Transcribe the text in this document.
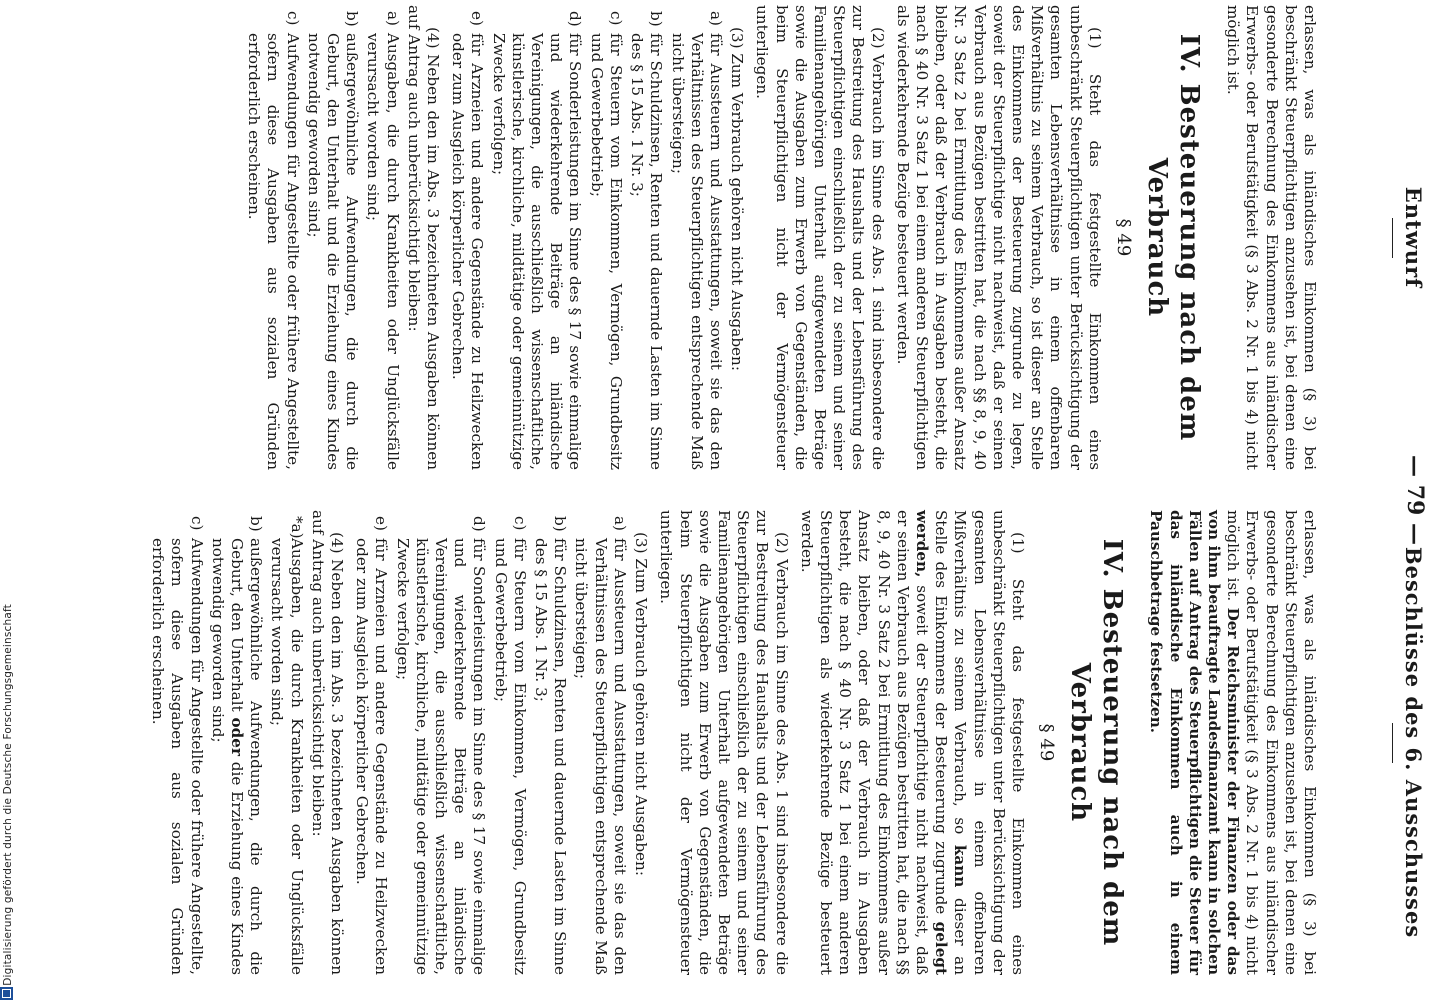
Entwurf
— 79 —
Beschlüsse des 6. Ausschusses

erlassen, was als inländisches Einkommen (§ 3) bei beschränkt Steuerpflichtigen anzusehen ist, bei denen eine gesonderte Berechnung des Einkommens aus inländischer Erwerbs- oder Berufstätigkeit (§ 3 Abs. 2 Nr. 1 bis 4) nicht möglich ist.

IV. Besteuerung nach dem Verbrauch
§ 49

(1) Steht das festgestellte Einkommen eines unbeschränkt Steuerpflichtigen unter Berücksichtigung der gesamten Lebensverhältnisse in einem offenbaren Mißverhältnis zu seinem Verbrauch, so ist dieser an Stelle des Einkommens der Besteuerung zugrunde zu legen, soweit der Steuerpflichtige nicht nachweist, daß er seinen Verbrauch aus Bezügen bestritten hat, die nach §§ 8, 9, 40 Nr. 3 Satz 2 bei Ermittlung des Einkommens außer Ansatz bleiben, oder daß der Verbrauch in Ausgaben besteht, die nach § 40 Nr. 3 Satz 1 bei einem anderen Steuerpflichtigen als wiederkehrende Bezüge besteuert werden.

(2) Verbrauch im Sinne des Abs. 1 sind insbesondere die zur Bestreitung des Haushalts und der Lebensführung des Steuerpflichtigen einschließlich der zu seinem und seiner Familienangehörigen Unterhalt aufgewendeten Beträge sowie die Ausgaben zum Erwerb von Gegenständen, die beim Steuerpflichtigen nicht der Vermögensteuer unterliegen.

(3) Zum Verbrauch gehören nicht Ausgaben:

a)
für Aussteuern und Ausstattungen, soweit sie das den Verhältnissen des Steuerpflichtigen entsprechende Maß nicht übersteigen;
b)
für Schuldzinsen, Renten und dauernde Lasten im Sinne des § 15 Abs. 1 Nr. 3;
c)
für Steuern vom Einkommen, Vermögen, Grundbesitz und Gewerbebetrieb;
d)
für Sonderleistungen im Sinne des § 17 sowie einmalige und wiederkehrende Beiträge an inländische Vereinigungen, die ausschließlich wissenschaftliche, künstlerische, kirchliche, mildtätige oder gemeinnützige Zwecke verfolgen;
e)
für Arzneien und andere Gegenstände zu Heilzwecken oder zum Ausgleich körperlicher Gebrechen.

(4) Neben den im Abs. 3 bezeichneten Ausgaben können auf Antrag auch unberücksichtigt bleiben:

a)
Ausgaben, die durch Krankheiten oder Unglücksfälle verursacht worden sind;
b)
außergewöhnliche Aufwendungen, die durch die Geburt, den Unterhalt und die Erziehung eines Kindes notwendig geworden sind;
c)
Aufwendungen für Angestellte oder frühere Angestellte, sofern diese Ausgaben aus sozialen Gründen erforderlich erscheinen.

erlassen, was als inländisches Einkommen (§ 3) bei beschränkt Steuerpflichtigen anzusehen ist, bei denen eine gesonderte Berechnung des Einkommens aus inländischer Erwerbs- oder Berufstätigkeit (§ 3 Abs. 2 Nr. 1 bis 4) nicht möglich ist. Der Reichsminister der Finanzen oder das von ihm beauftragte Landesfinanzamt kann in solchen Fällen auf Antrag des Steuerpflichtigen die Steuer für das inländische Einkommen auch in einem Pauschbetrage festsetzen.

IV. Besteuerung nach dem Verbrauch
§ 49

(1) Steht das festgestellte Einkommen eines unbeschränkt Steuerpflichtigen unter Berücksichtigung der gesamten Lebensverhältnisse in einem offenbaren Mißverhältnis zu seinem Verbrauch, so kann dieser an Stelle des Einkommens der Besteuerung zugrunde gelegt werden, soweit der Steuerpflichtige nicht nachweist, daß er seinen Verbrauch aus Bezügen bestritten hat, die nach §§ 8, 9, 40 Nr. 3 Satz 2 bei Ermittlung des Einkommens außer Ansatz bleiben, oder daß der Verbrauch in Ausgaben besteht, die nach § 40 Nr. 3 Satz 1 bei einem anderen Steuerpflichtigen als wiederkehrende Bezüge besteuert werden.

(2) Verbrauch im Sinne des Abs. 1 sind insbesondere die zur Bestreitung des Haushalts und der Lebensführung des Steuerpflichtigen einschließlich der zu seinem und seiner Familienangehörigen Unterhalt aufgewendeten Beträge sowie die Ausgaben zum Erwerb von Gegenständen, die beim Steuerpflichtigen nicht der Vermögensteuer unterliegen.

(3) Zum Verbrauch gehören nicht Ausgaben:

a)
für Aussteuern und Ausstattungen, soweit sie das den Verhältnissen des Steuerpflichtigen entsprechende Maß nicht übersteigen;
b)
für Schuldzinsen, Renten und dauernde Lasten im Sinne des § 15 Abs. 1 Nr. 3;
c)
für Steuern vom Einkommen, Vermögen, Grundbesitz und Gewerbebetrieb;
d)
für Sonderleistungen im Sinne des § 17 sowie einmalige und wiederkehrende Beiträge an inländische Vereinigungen, die ausschließlich wissenschaftliche, künstlerische, kirchliche, mildtätige oder gemeinnützige Zwecke verfolgen;
e)
für Arzneien und andere Gegenstände zu Heilzwecken oder zum Ausgleich körperlicher Gebrechen.

(4) Neben den im Abs. 3 bezeichneten Ausgaben können auf Antrag auch unberücksichtigt bleiben:

*a)
Ausgaben, die durch Krankheiten oder Unglücksfälle verursacht worden sind;
b)
außergewöhnliche Aufwendungen, die durch die Geburt, den Unterhalt oder die Erziehung eines Kindes notwendig geworden sind;
c)
Aufwendungen für Angestellte oder frühere Angestellte, sofern diese Ausgaben aus sozialen Gründen erforderlich erscheinen.
Digitalisierung gefördert durch die Deutsche Forschungsgemeinschaft
